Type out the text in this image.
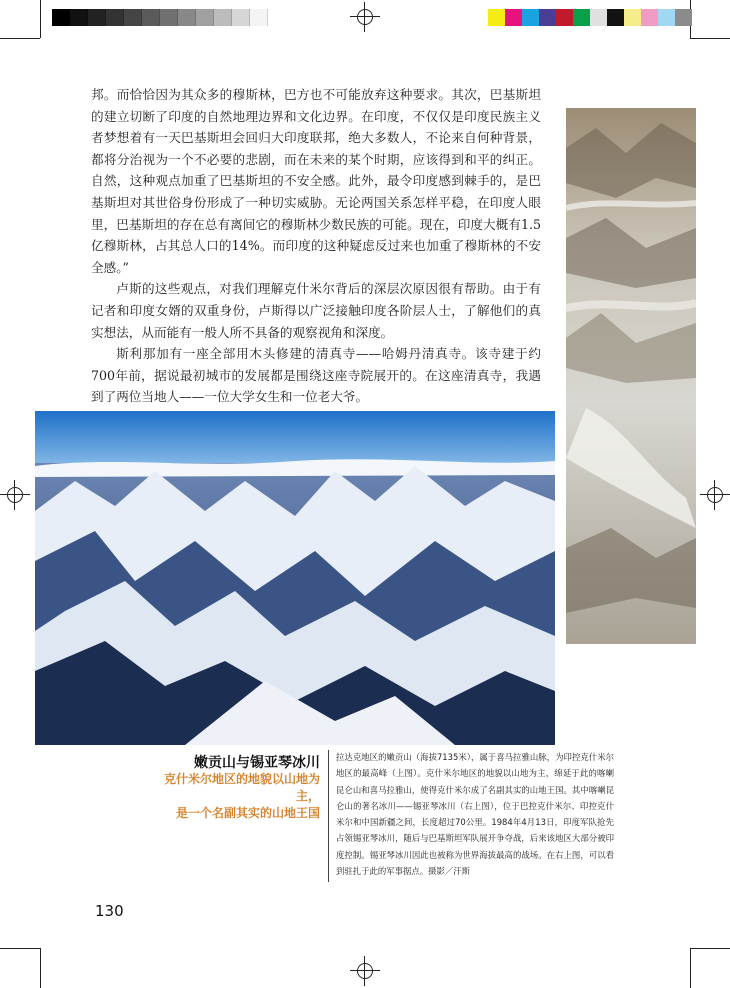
邦。而恰恰因为其众多的穆斯林，巴方也不可能放弃这种要求。其次，巴基斯坦的建立切断了印度的自然地理边界和文化边界。在印度，不仅仅是印度民族主义者梦想着有一天巴基斯坦会回归大印度联邦，绝大多数人，不论来自何种背景，都将分治视为一个不必要的悲剧，而在未来的某个时期，应该得到和平的纠正。自然，这种观点加重了巴基斯坦的不安全感。此外，最令印度感到棘手的，是巴基斯坦对其世俗身份形成了一种切实威胁。无论两国关系怎样平稳，在印度人眼里，巴基斯坦的存在总有离间它的穆斯林少数民族的可能。现在，印度大概有1.5亿穆斯林，占其总人口的14%。而印度的这种疑虑反过来也加重了穆斯林的不安全感。”

卢斯的这些观点，对我们理解克什米尔背后的深层次原因很有帮助。由于有记者和印度女婿的双重身份，卢斯得以广泛接触印度各阶层人士，了解他们的真实想法，从而能有一般人所不具备的观察视角和深度。

斯利那加有一座全部用木头修建的清真寺——哈姆丹清真寺。该寺建于约700年前，据说最初城市的发展都是围绕这座寺院展开的。在这座清真寺，我遇到了两位当地人——一位大学女生和一位老大爷。

嫩贡山与锡亚琴冰川
克什米尔地区的地貌以山地为主，
是一个名副其实的山地王国
拉达克地区的嫩贡山（海拔7135米），属于喜马拉雅山脉，为印控克什米尔地区的最高峰（上图）。克什米尔地区的地貌以山地为主，绵延于此的喀喇昆仑山和喜马拉雅山，使得克什米尔成了名副其实的山地王国。其中喀喇昆仑山的著名冰川——锡亚琴冰川（右上图），位于巴控克什米尔、印控克什米尔和中国新疆之间，长度超过70公里。1984年4月13日，印度军队抢先占领锡亚琴冰川，随后与巴基斯坦军队展开争夺战，后来该地区大部分被印度控制。锡亚琴冰川因此也被称为世界海拔最高的战场。在右上图，可以看到驻扎于此的军事据点。摄影／汗斯
130
